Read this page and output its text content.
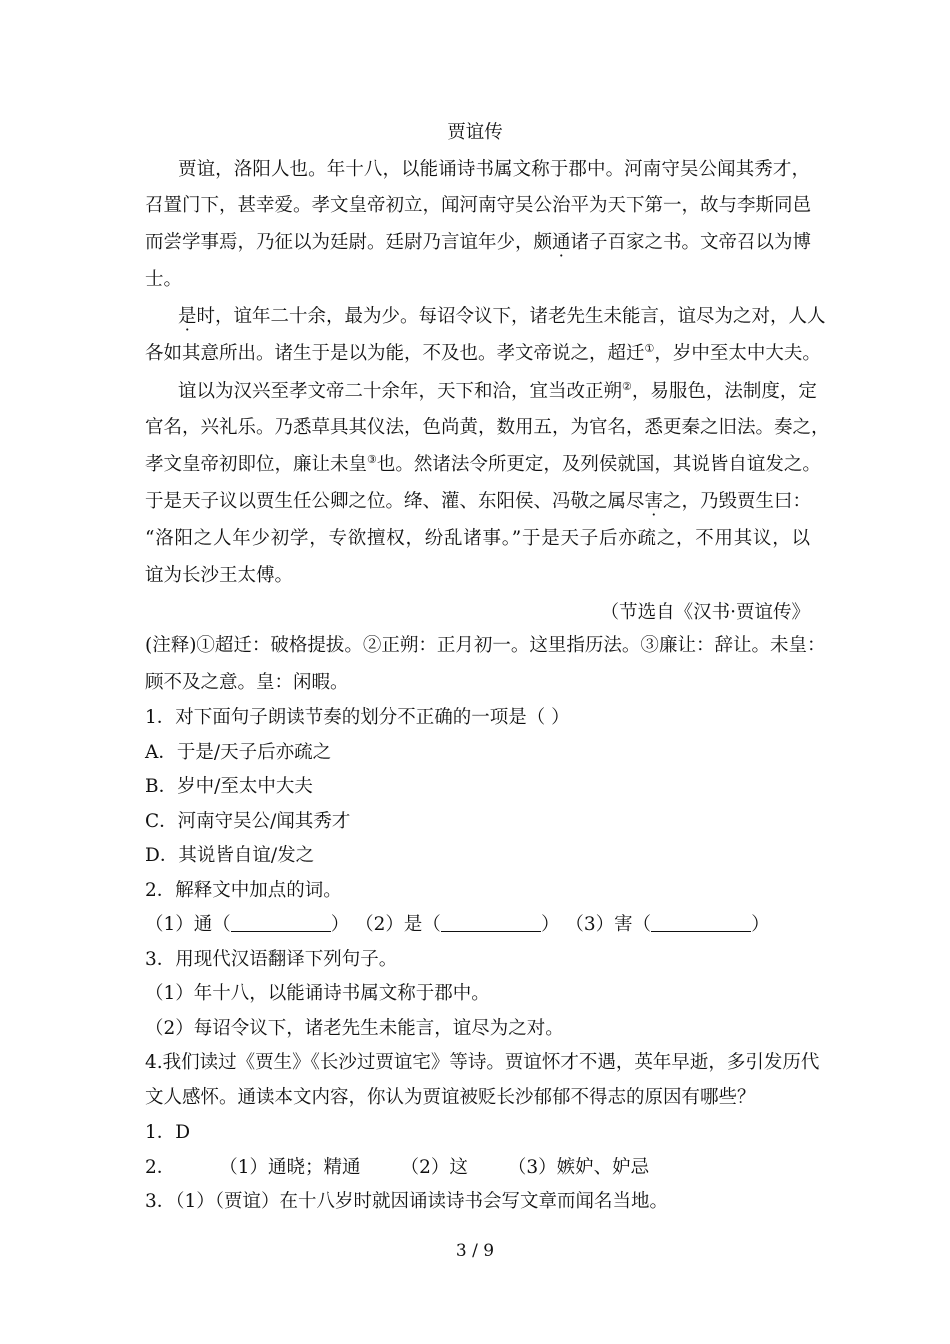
贾谊传
贾谊，洛阳人也。年十八，以能诵诗书属文称于郡中。河南守吴公闻其秀才，
召置门下，甚幸爱。孝文皇帝初立，闻河南守吴公治平为天下第一，故与李斯同邑
而尝学事焉，乃征以为廷尉。廷尉乃言谊年少，颇通诸子百家之书。文帝召以为博
士。
是时，谊年二十余，最为少。每诏令议下，诸老先生未能言，谊尽为之对，人人
各如其意所出。诸生于是以为能，不及也。孝文帝说之，超迁①，岁中至太中大夫。
谊以为汉兴至孝文帝二十余年，天下和洽，宜当改正朔②，易服色，法制度，定
官名，兴礼乐。乃悉草具其仪法，色尚黄，数用五，为官名，悉更秦之旧法。奏之，
孝文皇帝初即位，廉让未皇③也。然诸法令所更定，及列侯就国，其说皆自谊发之。
于是天子议以贾生任公卿之位。绛、灌、东阳侯、冯敬之属尽害之，乃毁贾生曰：
“洛阳之人年少初学，专欲擅权，纷乱诸事。”于是天子后亦疏之，不用其议，以
谊为长沙王太傅。
（节选自《汉书·贾谊传》
(注释)①超迁：破格提拔。②正朔：正月初一。这里指历法。③廉让：辞让。未皇：
顾不及之意。皇：闲暇。
1．对下面句子朗读节奏的划分不正确的一项是（ ）
A．于是/天子后亦疏之
B．岁中/至太中大夫
C．河南守吴公/闻其秀才
D．其说皆自谊/发之
2．解释文中加点的词。
（1）通（	） （2）是（	） （3）害（	）
3．用现代汉语翻译下列句子。
（1）年十八，以能诵诗书属文称于郡中。
（2）每诏令议下，诸老先生未能言，谊尽为之对。
4.我们读过《贾生》《长沙过贾谊宅》等诗。贾谊怀才不遇，英年早逝，多引发历代
文人感怀。通读本文内容，你认为贾谊被贬长沙郁郁不得志的原因有哪些？
1．D
2． （1）通晓；精通 （2）这 （3）嫉妒、妒忌
3．（1）（贾谊）在十八岁时就因诵读诗书会写文章而闻名当地。
3 / 9
